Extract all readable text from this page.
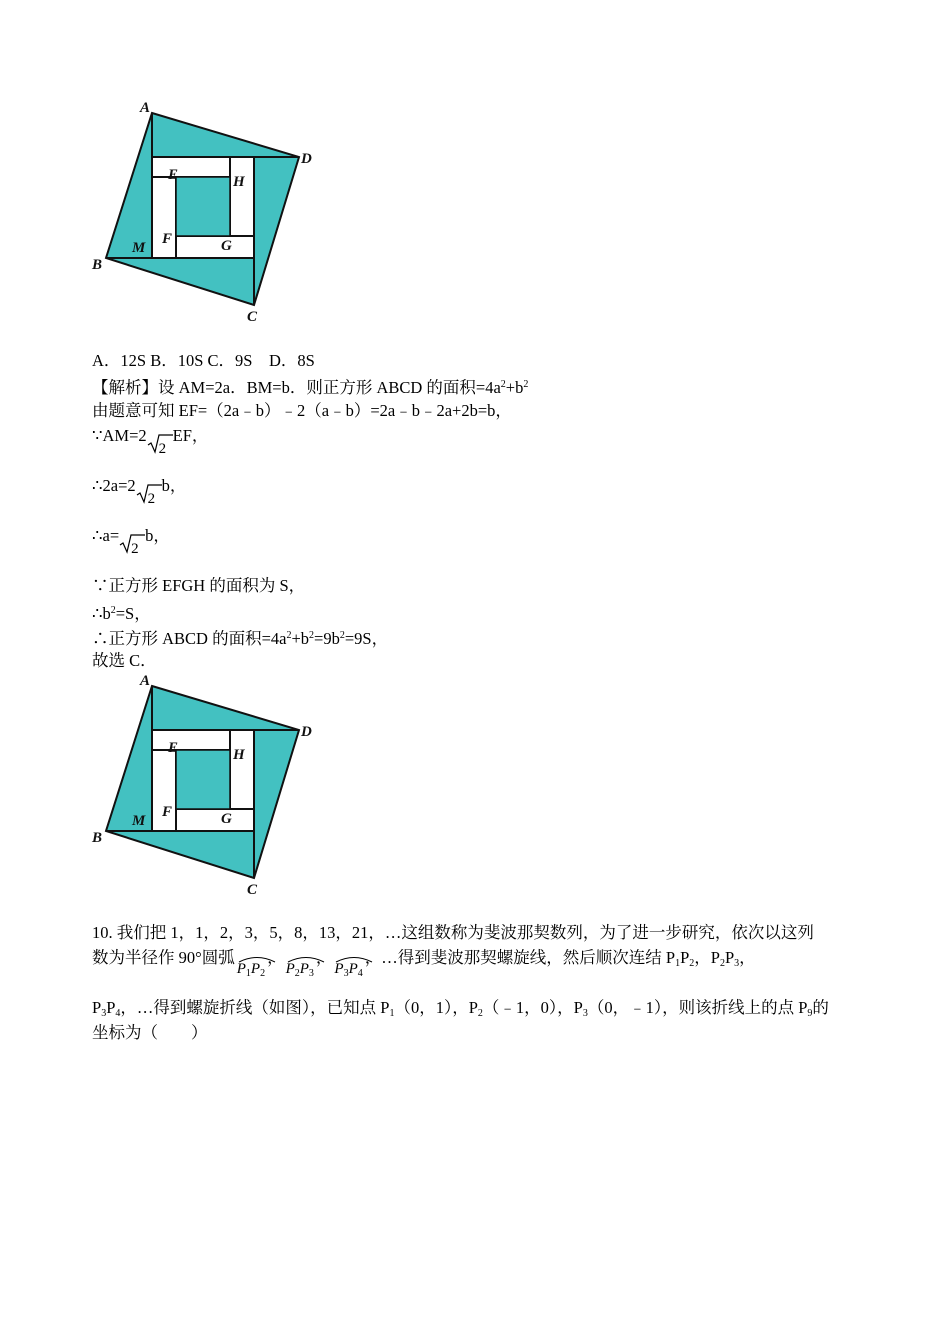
A
D
B
C
E	H
F	G
M
A．12S B．10S C．9S　D．8S
【解析】设 AM=2a．BM=b．则正方形 ABCD 的面积$=4a^2+b^2$
由题意可知 EF=（2a﹣b）﹣2（a﹣b）=2a﹣b﹣2a+2b=b，
∵AM=2
2
EF，
∴2a=2
2
b，
∴a=
2
b，
∵正方形 EFGH 的面积为 S，
$\therefore b^2=S$，
∴正方形 ABCD 的面积$=4a^2+b^2=9b^2=9S$，
故选 C．
A
D
B
C
E	H
F	G
M
10. 我们把 1，1，2，3，5，8，13，21，…这组数称为斐波那契数列，为了进一步研究，依次以这列
数为半径作 90°圆弧
$P_1P_2$，
$P_2P_3$，
$P_3P_4$，…得到斐波那契螺旋线，然后顺次连结 $P_1P_2$，$P_2P_3$，
$P_3P_4$，…得到螺旋折线（如图），已知点 $P_1(0$，1），$P_2(﹣1$，0），$P_3(0$，﹣1），则该折线上的点 $P_9$的
坐标为（　　）
